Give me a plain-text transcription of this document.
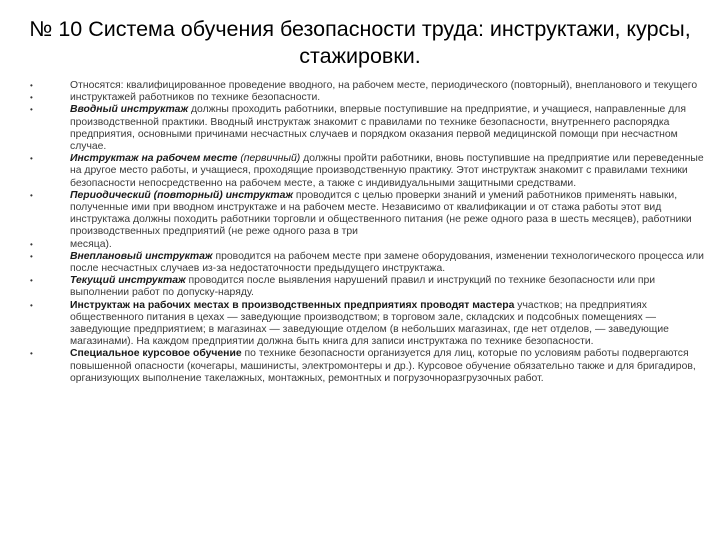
№ 10 Система обучения безопасности труда: инструктажи, курсы,
стажировки.
•	Относятся: квалифицированное проведение вводного, на рабочем месте, периодического (повторный), внепланового и текущего
•	инструктажей работников по технике безопасности.
•	Вводный инструктаж должны проходить работники, впервые поступившие на предприятие, и учащиеся, направленные для производственной практики. Вводный инструктаж знакомит с правилами по технике безопасности, внутреннего распорядка предприятия, основными причинами несчастных случаев и порядком оказания первой медицинской помощи при несчастном случае.
•	Инструктаж на рабочем месте (первичный) должны пройти работники, вновь поступившие на предприятие или переведенные на другое место работы, и учащиеся, проходящие производственную практику. Этот инструктаж знакомит с правилами техники безопасности непосредственно на рабочем месте, а также с индивидуальными защитными средствами.
•	Периодический (повторный) инструктаж проводится с целью проверки знаний и умений работников применять навыки, полученные ими при вводном инструктаже и на рабочем месте. Независимо от квалификации и от стажа работы этот вид инструктажа должны походить работники торговли и общественного питания (не реже одного раза в шесть месяцев), работники производственных предприятий (не реже одного раза в три
•	месяца).
•	Внеплановый инструктаж проводится на рабочем месте при замене оборудования, изменении технологического процесса или после несчастных случаев из-за недостаточности предыдущего инструктажа.
•	Текущий инструктаж проводится после выявления нарушений правил и инструкций по технике безопасности или при выполнении работ по допуску-наряду.
•	Инструктаж на рабочих местах в производственных предприятиях проводят мастера участков; на предприятиях общественного питания в цехах — заведующие производством; в торговом зале, складских и подсобных помещениях — заведующие предприятием; в магазинах — заведующие отделом (в небольших магазинах, где нет отделов, — заведующие магазинами). На каждом предприятии должна быть книга для записи инструктажа по технике безопасности.
•	Специальное курсовое обучение по технике безопасности организуется для лиц, которые по условиям работы подвергаются повышенной опасности (кочегары, машинисты, электромонтеры и др.). Курсовое обучение обязательно также и для бригадиров, организующих выполнение такелажных, монтажных, ремонтных и погрузочноразгрузочных работ.
